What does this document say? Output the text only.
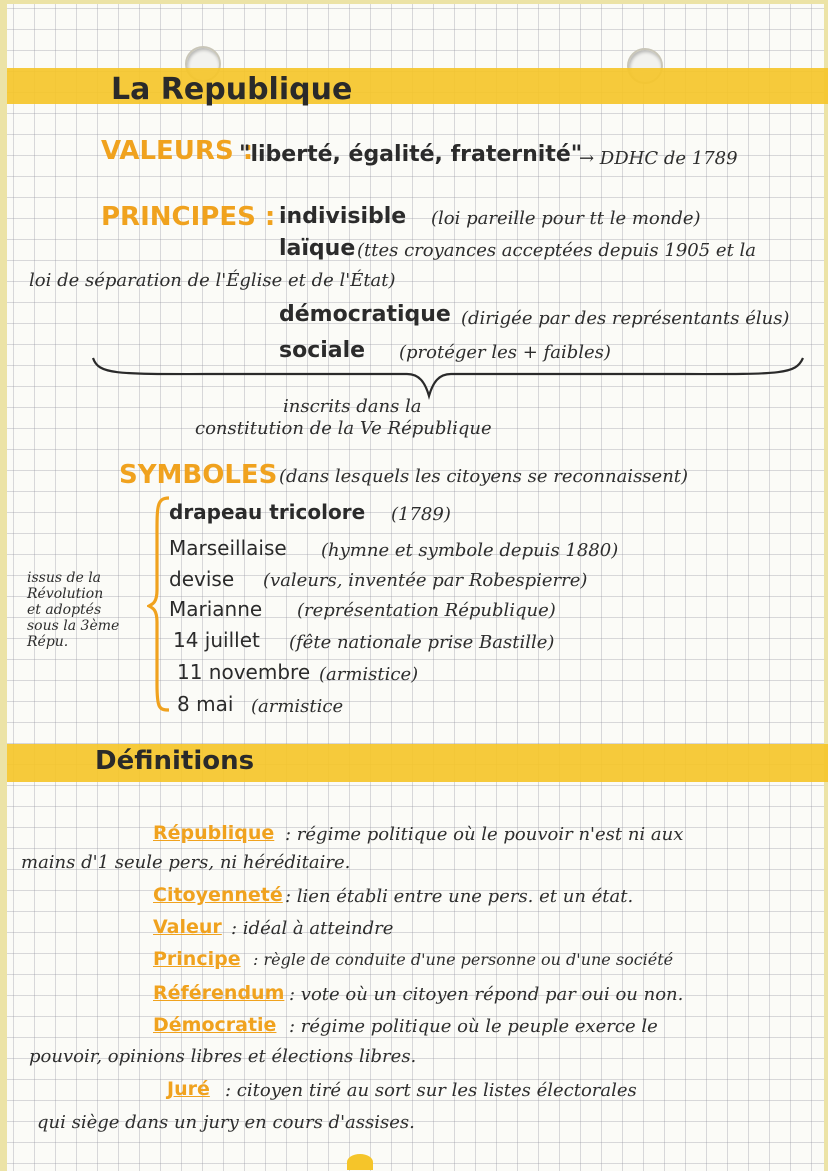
La Republique
VALEURS :
"liberté, égalité, fraternité"
→ DDHC de 1789
PRINCIPES : indivisible (loi pareille pour tt le monde)
laïque (ttes croyances acceptées depuis 1905 et la
loi de séparation de l'Église et de l'État)
démocratique (dirigée par des représentants élus)
sociale (protéger les + faibles)
inscrits dans la
constitution de la Ve République
SYMBOLES (dans lesquels les citoyens se reconnaissent)
issus de la
Révolution
et adoptés
sous la 3ème
Répu.
drapeau tricolore (1789)
Marseillaise (hymne et symbole depuis 1880)
devise (valeurs, inventée par Robespierre)
Marianne (représentation République)
14 juillet (fête nationale prise Bastille)
11 novembre (armistice)
8 mai (armistice
Définitions
République : régime politique où le pouvoir n'est ni aux
mains d'1 seule pers, ni héréditaire.
Citoyenneté : lien établi entre une pers. et un état.
Valeur : idéal à atteindre
Principe : règle de conduite d'une personne ou d'une société
Référendum : vote où un citoyen répond par oui ou non.
Démocratie : régime politique où le peuple exerce le
pouvoir, opinions libres et élections libres.
Juré : citoyen tiré au sort sur les listes électorales
qui siège dans un jury en cours d'assises.
